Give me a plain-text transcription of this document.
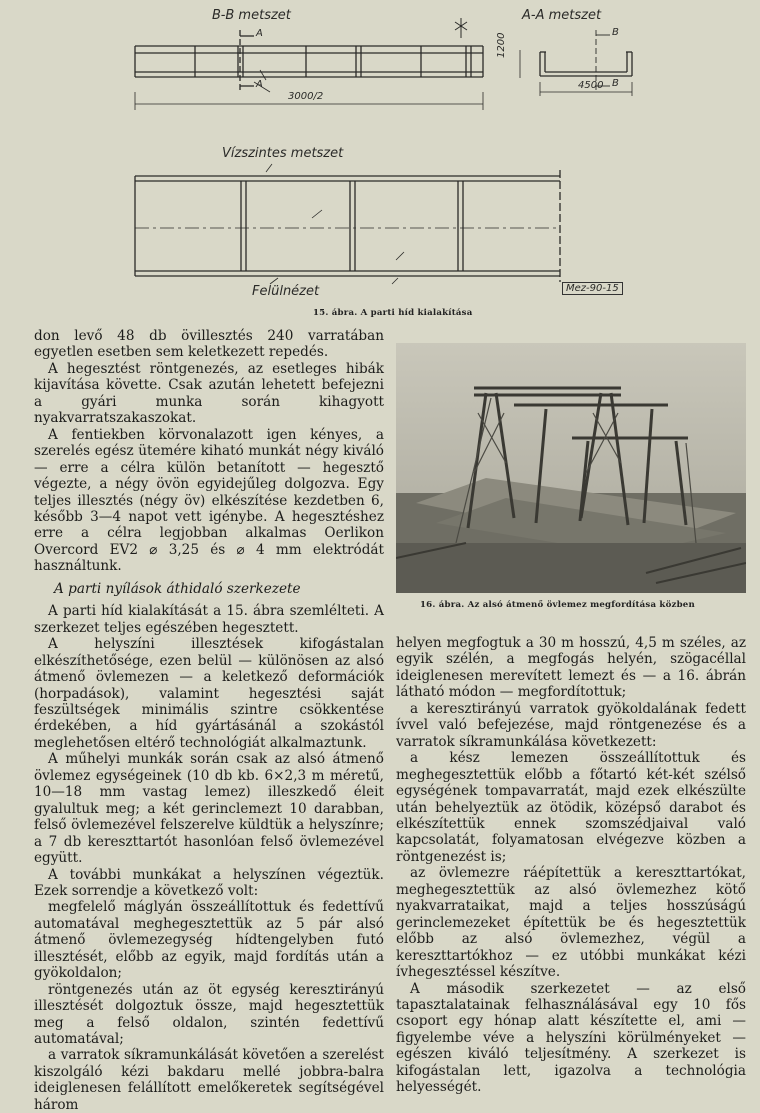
B-B metszet	A-A metszet
A
A
B
B
3000/2
4500
1200
Vízszintes metszet
Felülnézet	Mez-90-15
15. ábra. A parti híd kialakítása
16. ábra. Az alsó átmenő övlemez megfordítása közben

don levő 48 db övillesztés 240 varratában egyetlen esetben sem keletkezett repedés.

A hegesztést röntgenezés, az esetleges hibák kijavítása követte. Csak azután lehetett befejezni a gyári munka során kihagyott nyakvarratszakaszokat.

A fentiekben körvonalazott igen kényes, a szerelés egész ütemére kiható munkát négy kiváló — erre a célra külön betanított — hegesztő végezte, a négy övön egyidejűleg dolgozva. Egy teljes illesztés (négy öv) elkészítése kezdetben 6, később 3—4 napot vett igénybe. A hegesztéshez erre a célra legjobban alkalmas Oerlikon Overcord EV2 ⌀ 3,25 és ⌀ 4 mm elektródát használtunk.

A parti nyílások áthidaló szerkezete

A parti híd kialakítását a 15. ábra szemlélteti. A szerkezet teljes egészében hegesztett.

A helyszíni illesztések kifogástalan elkészíthetősége, ezen belül — különösen az alsó átmenő övlemezen — a keletkező deformációk (horpadások), valamint hegesztési saját feszültségek minimális szintre csökkentése érdekében, a híd gyártásánál a szokástól meglehetősen eltérő technológiát alkalmaztunk.

A műhelyi munkák során csak az alsó átmenő övlemez egységeinek (10 db kb. 6×2,3 m méretű, 10—18 mm vastag lemez) illeszkedő éleit gyalultuk meg; a két gerinclemezt 10 darabban, felső övlemezével felszerelve küldtük a helyszínre; a 7 db kereszttartót hasonlóan felső övlemezével együtt.

A további munkákat a helyszínen végeztük. Ezek sorrendje a következő volt:

megfelelő máglyán összeállítottuk és fedettívű automatával meghegesztettük az 5 pár alsó átmenő övlemezegység hídtengelyben futó illesztését, előbb az egyik, majd fordítás után a gyökoldalon;

röntgenezés után az öt egység keresztirányú illesztését dolgoztuk össze, majd hegesztettük meg a felső oldalon, szintén fedettívű automatával;

a varratok síkramunkálását követően a szerelést kiszolgáló kézi bakdaru mellé jobbra-balra ideiglenesen felállított emelőkeretek segítségével három

helyen megfogtuk a 30 m hosszú, 4,5 m széles, az egyik szélén, a megfogás helyén, szögacéllal ideiglenesen merevített lemezt és — a 16. ábrán látható módon — megfordítottuk;

a keresztirányú varratok gyökoldalának fedett ívvel való befejezése, majd röntgenezése és a varratok síkramunkálása következett:

a kész lemezen összeállítottuk és meghegesztettük előbb a főtartó két-két szélső egységének tompavarratát, majd ezek elkészülte után behelyeztük az ötödik, középső darabot és elkészítettük ennek szomszédjaival való kapcsolatát, folyamatosan elvégezve közben a röntgenezést is;

az övlemezre ráépítettük a kereszttartókat, meghegesztettük az alsó övlemezhez kötő nyakvarrataikat, majd a teljes hosszúságú gerinclemezeket építettük be és hegesztettük előbb az alsó övlemezhez, végül a kereszttartókhoz — ez utóbbi munkákat kézi ívhegesztéssel készítve.

A második szerkezetet — az első tapasztalatainak felhasználásával egy 10 fős csoport egy hónap alatt készítette el, ami — figyelembe véve a helyszíni körülményeket — egészen kiváló teljesítmény. A szerkezet is kifogástalan lett, igazolva a technológia helyességét.
